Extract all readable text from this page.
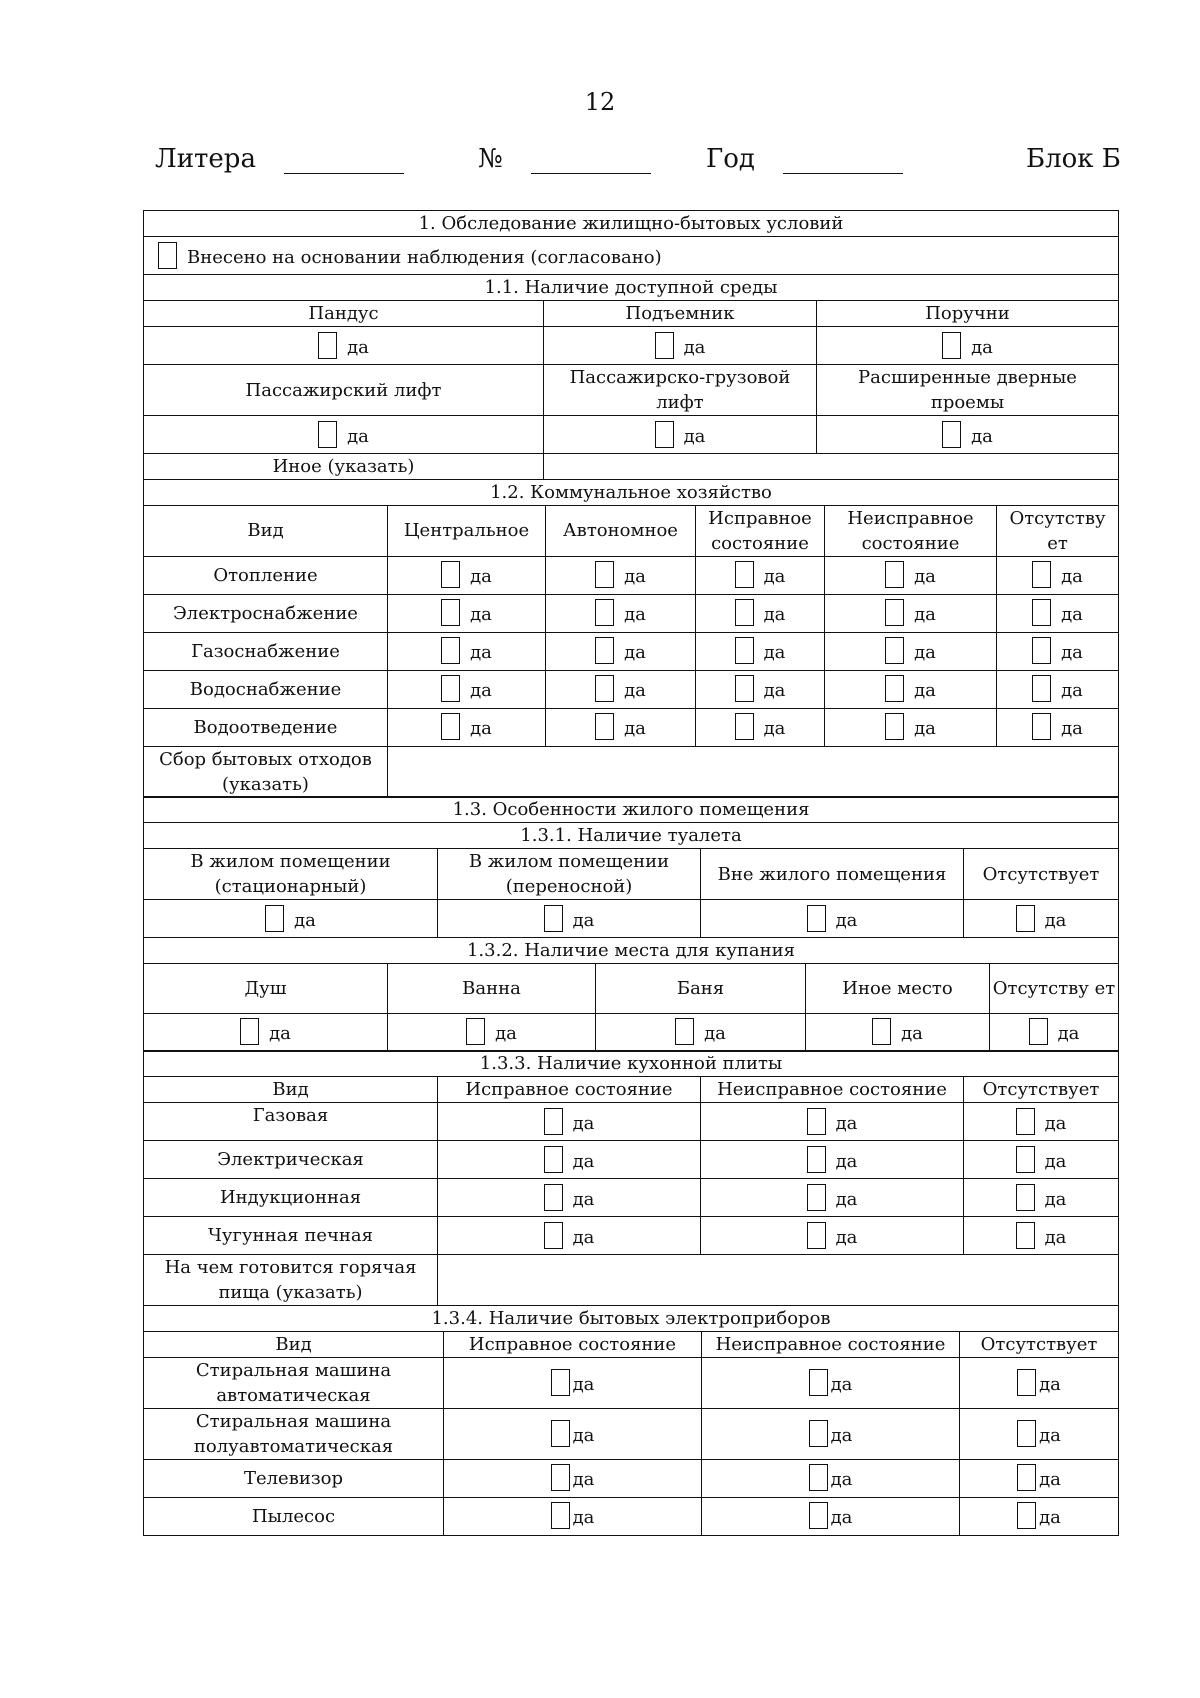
12
Литера	№	Год	Блок Б
1. Обследование жилищно-бытовых условий		
Внесено на основании наблюдения (согласовано)		
1.1. Наличие доступной среды		
Пандус	Подъемник	Поручни
да	да	да
Пассажирский лифт	Пассажирско-грузовой лифт	Расширенные дверные проемы
да	да	да
Иное (указать)		
1.2. Коммунальное хозяйство					
Вид	Центральное	Автономное	Исправное состояние	Неисправное состояние	Отсутству ет
Отопление	да	да	да	да	да
Электроснабжение	да	да	да	да	да
Газоснабжение	да	да	да	да	да
Водоснабжение	да	да	да	да	да
Водоотведение	да	да	да	да	да
Сбор бытовых отходов (указать)					
1.3. Особенности жилого помещения			
1.3.1. Наличие туалета			
В жилом помещении (стационарный)	В жилом помещении (переносной)	Вне жилого помещения	Отсутствует
да	да	да	да
1.3.2. Наличие места для купания				
Душ	Ванна	Баня	Иное место	Отсутству ет
да	да	да	да	да
1.3.3. Наличие кухонной плиты			
Вид	Исправное состояние	Неисправное состояние	Отсутствует
Газовая	да	да	да
Электрическая	да	да	да
Индукционная	да	да	да
Чугунная печная	да	да	да
На чем готовится горячая пища (указать)			
1.3.4. Наличие бытовых электроприборов			
Вид	Исправное состояние	Неисправное состояние	Отсутствует
Стиральная машина автоматическая	да	да	да
Стиральная машина полуавтоматическая	да	да	да
Телевизор	да	да	да
Пылесос	да	да	да
